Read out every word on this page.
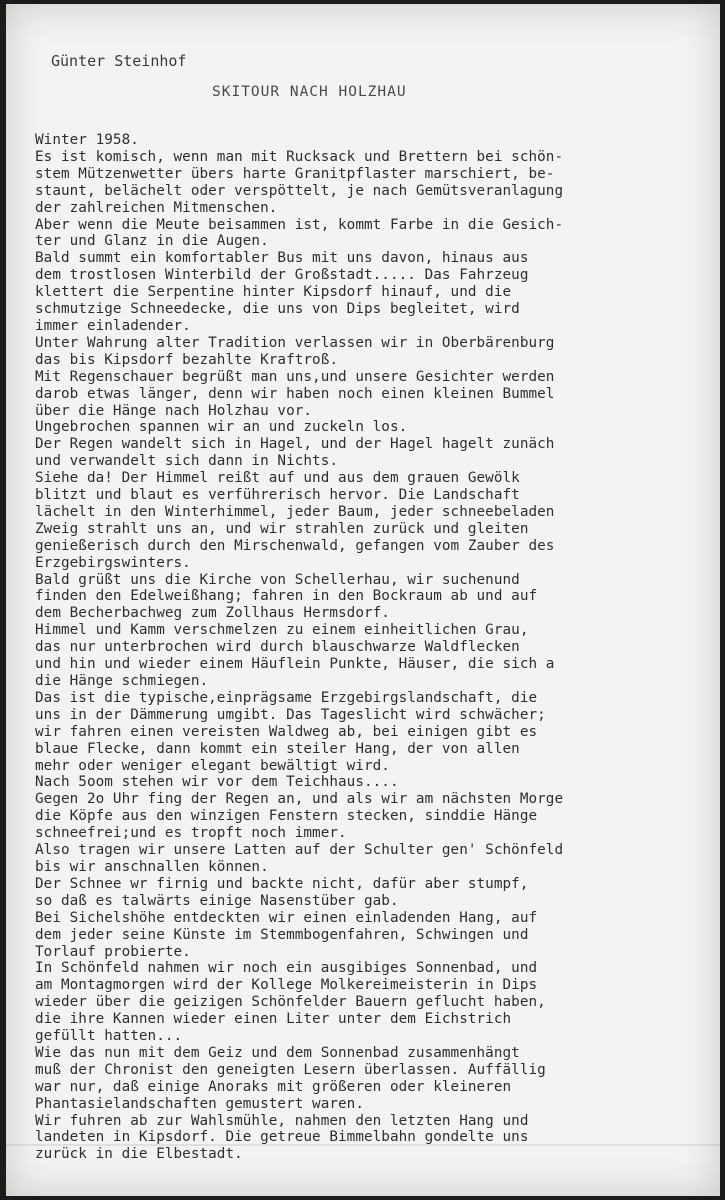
Günter Steinhof
SKITOUR NACH HOLZHAU
Winter 1958.
Es ist komisch, wenn man mit Rucksack und Brettern bei schön-
stem Mützenwetter übers harte Granitpflaster marschiert, be-
staunt, belächelt oder verspöttelt, je nach Gemütsveranlagung
der zahlreichen Mitmenschen.
Aber wenn die Meute beisammen ist, kommt Farbe in die Gesich-
ter und Glanz in die Augen.
Bald summt ein komfortabler Bus mit uns davon, hinaus aus
dem trostlosen Winterbild der Großstadt..... Das Fahrzeug
klettert die Serpentine hinter Kipsdorf hinauf, und die
schmutzige Schneedecke, die uns von Dips begleitet, wird
immer einladender.
Unter Wahrung alter Tradition verlassen wir in Oberbärenburg
das bis Kipsdorf bezahlte Kraftroß.
Mit Regenschauer begrüßt man uns,und unsere Gesichter werden
darob etwas länger, denn wir haben noch einen kleinen Bummel
über die Hänge nach Holzhau vor.
Ungebrochen spannen wir an und zuckeln los.
Der Regen wandelt sich in Hagel, und der Hagel hagelt zunäch
und verwandelt sich dann in Nichts.
Siehe da! Der Himmel reißt auf und aus dem grauen Gewölk
blitzt und blaut es verführerisch hervor. Die Landschaft
lächelt in den Winterhimmel, jeder Baum, jeder schneebeladen
Zweig strahlt uns an, und wir strahlen zurück und gleiten
genießerisch durch den Mirschenwald, gefangen vom Zauber des
Erzgebirgswinters.
Bald grüßt uns die Kirche von Schellerhau, wir suchenund
finden den Edelweißhang; fahren in den Bockraum ab und auf
dem Becherbachweg zum Zollhaus Hermsdorf.
Himmel und Kamm verschmelzen zu einem einheitlichen Grau,
das nur unterbrochen wird durch blauschwarze Waldflecken
und hin und wieder einem Häuflein Punkte, Häuser, die sich a
die Hänge schmiegen.
Das ist die typische,einprägsame Erzgebirgslandschaft, die
uns in der Dämmerung umgibt. Das Tageslicht wird schwächer;
wir fahren einen vereisten Waldweg ab, bei einigen gibt es
blaue Flecke, dann kommt ein steiler Hang, der von allen
mehr oder weniger elegant bewältigt wird.
Nach 5oom stehen wir vor dem Teichhaus....
Gegen 2o Uhr fing der Regen an, und als wir am nächsten Morge
die Köpfe aus den winzigen Fenstern stecken, sinddie Hänge
schneefrei;und es tropft noch immer.
Also tragen wir unsere Latten auf der Schulter gen' Schönfeld
bis wir anschnallen können.
Der Schnee wr firnig und backte nicht, dafür aber stumpf,
so daß es talwärts einige Nasenstüber gab.
Bei Sichelshöhe entdeckten wir einen einladenden Hang, auf
dem jeder seine Künste im Stemmbogenfahren, Schwingen und
Torlauf probierte.
In Schönfeld nahmen wir noch ein ausgibiges Sonnenbad, und
am Montagmorgen wird der Kollege Molkereimeisterin in Dips
wieder über die geizigen Schönfelder Bauern geflucht haben,
die ihre Kannen wieder einen Liter unter dem Eichstrich
gefüllt hatten...
Wie das nun mit dem Geiz und dem Sonnenbad zusammenhängt
muß der Chronist den geneigten Lesern überlassen. Auffällig
war nur, daß einige Anoraks mit größeren oder kleineren
Phantasielandschaften gemustert waren.
Wir fuhren ab zur Wahlsmühle, nahmen den letzten Hang und
landeten in Kipsdorf. Die getreue Bimmelbahn gondelte uns
zurück in die Elbestadt.
